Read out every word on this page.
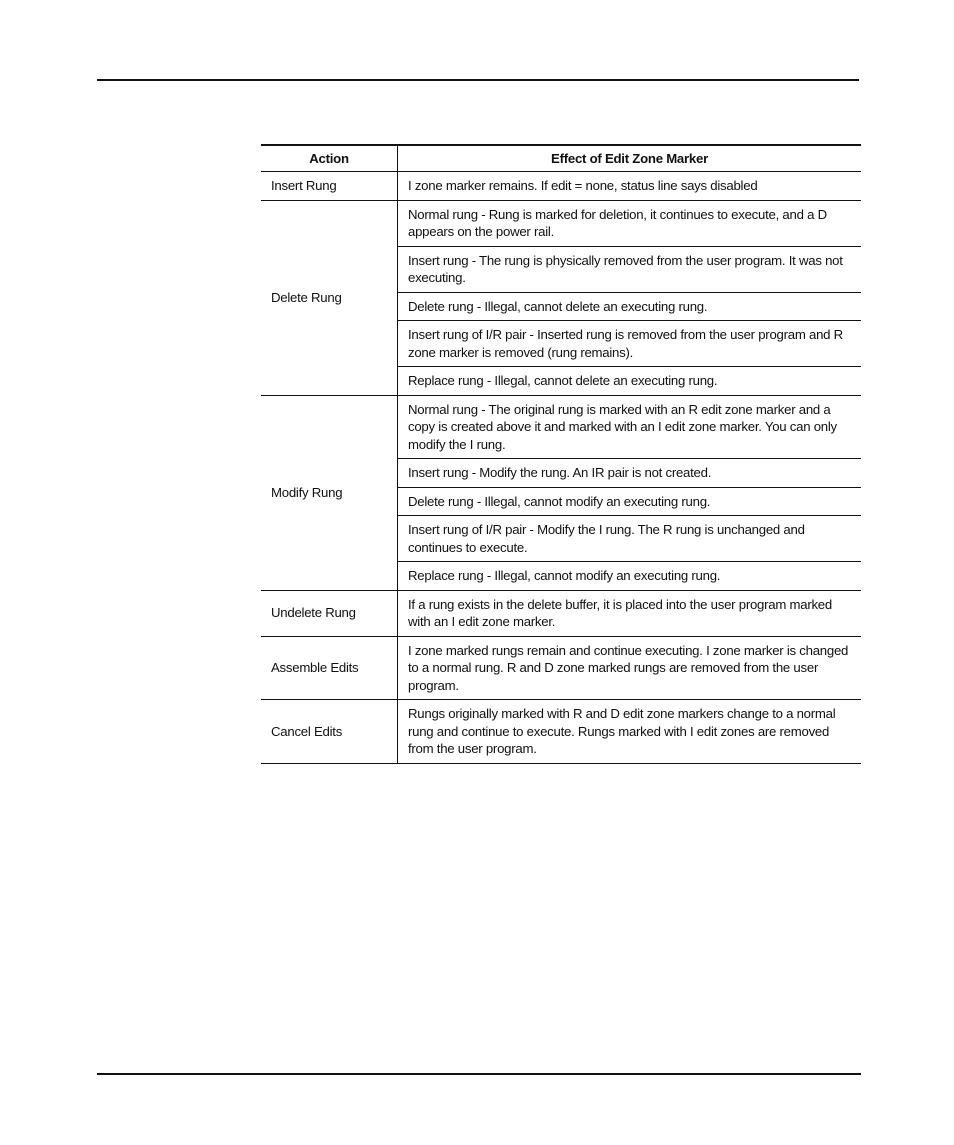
Action	Effect of Edit Zone Marker
Insert Rung	I zone marker remains. If edit = none, status line says disabled
Delete Rung	Normal rung - Rung is marked for deletion, it continues to execute, and a D appears on the power rail.
	Insert rung - The rung is physically removed from the user program. It was not executing.
	Delete rung - Illegal, cannot delete an executing rung.
	Insert rung of I/R pair - Inserted rung is removed from the user program and R zone marker is removed (rung remains).
	Replace rung - Illegal, cannot delete an executing rung.
Modify Rung	Normal rung - The original rung is marked with an R edit zone marker and a copy is created above it and marked with an I edit zone marker. You can only modify the I rung.
	Insert rung - Modify the rung. An IR pair is not created.
	Delete rung - Illegal, cannot modify an executing rung.
	Insert rung of I/R pair - Modify the I rung. The R rung is unchanged and continues to execute.
	Replace rung - Illegal, cannot modify an executing rung.
Undelete Rung	If a rung exists in the delete buffer, it is placed into the user program marked with an I edit zone marker.
Assemble Edits	I zone marked rungs remain and continue executing. I zone marker is changed to a normal rung. R and D zone marked rungs are removed from the user program.
Cancel Edits	Rungs originally marked with R and D edit zone markers change to a normal rung and continue to execute. Rungs marked with I edit zones are removed from the user program.
